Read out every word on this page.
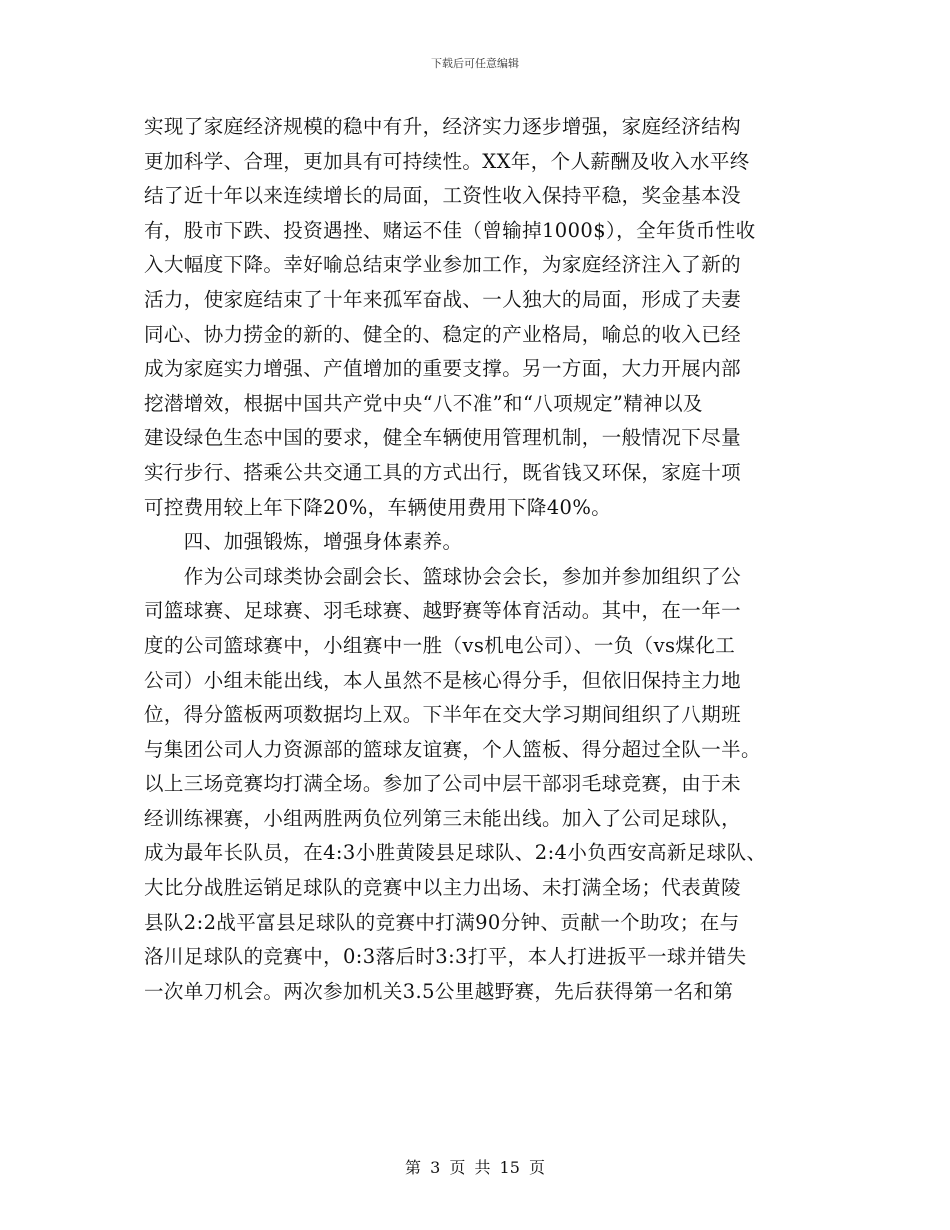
下载后可任意编辑
实现了家庭经济规模的稳中有升，经济实力逐步增强，家庭经济结构
更加科学、合理，更加具有可持续性。XX年，个人薪酬及收入水平终
结了近十年以来连续增长的局面，工资性收入保持平稳，奖金基本没
有，股市下跌、投资遇挫、赌运不佳（曾输掉1000$），全年货币性收
入大幅度下降。幸好喻总结束学业参加工作，为家庭经济注入了新的
活力，使家庭结束了十年来孤军奋战、一人独大的局面，形成了夫妻
同心、协力捞金的新的、健全的、稳定的产业格局，喻总的收入已经
成为家庭实力增强、产值增加的重要支撑。另一方面，大力开展内部
挖潜增效，根据中国共产党中央“八不准”和“八项规定”精神以及
建设绿色生态中国的要求，健全车辆使用管理机制，一般情况下尽量
实行步行、搭乘公共交通工具的方式出行，既省钱又环保，家庭十项
可控费用较上年下降20%，车辆使用费用下降40%。
　　四、加强锻炼，增强身体素养。
　　作为公司球类协会副会长、篮球协会会长，参加并参加组织了公
司篮球赛、足球赛、羽毛球赛、越野赛等体育活动。其中，在一年一
度的公司篮球赛中，小组赛中一胜（vs机电公司）、一负（vs煤化工
公司）小组未能出线，本人虽然不是核心得分手，但依旧保持主力地
位，得分篮板两项数据均上双。下半年在交大学习期间组织了八期班
与集团公司人力资源部的篮球友谊赛，个人篮板、得分超过全队一半。
以上三场竞赛均打满全场。参加了公司中层干部羽毛球竞赛，由于未
经训练裸赛，小组两胜两负位列第三未能出线。加入了公司足球队，
成为最年长队员，在4:3小胜黄陵县足球队、2:4小负西安高新足球队、
大比分战胜运销足球队的竞赛中以主力出场、未打满全场；代表黄陵
县队2:2战平富县足球队的竞赛中打满90分钟、贡献一个助攻；在与
洛川足球队的竞赛中，0:3落后时3:3打平，本人打进扳平一球并错失
一次单刀机会。两次参加机关3.5公里越野赛，先后获得第一名和第
第 3 页 共 15 页
